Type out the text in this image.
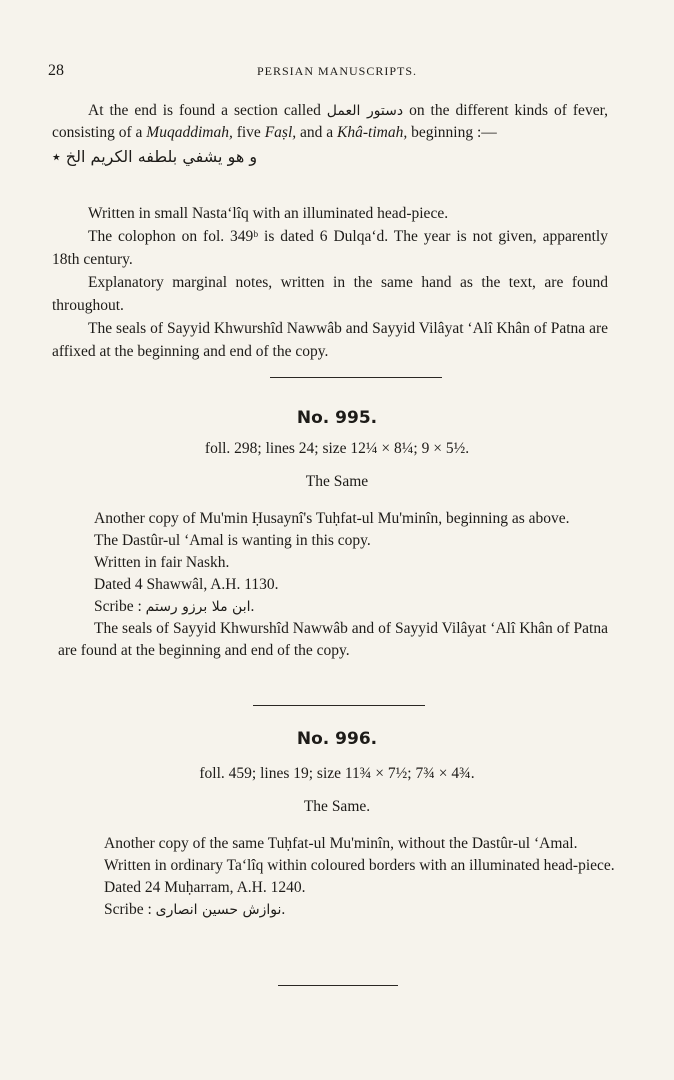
28	PERSIAN MANUSCRIPTS.

At the end is found a section called دستور العمل on the different kinds of fever, consisting of a Muqaddimah, five Faṣl, and a Khâ-timah, beginning :—

و هو يشفي بلطفه الكريم الخ ٭

Written in small Nasta‘lîq with an illuminated head-piece.

The colophon on fol. 349ᵇ is dated 6 Dulqa‘d. The year is not given, apparently 18th century.

Explanatory marginal notes, written in the same hand as the text, are found throughout.

The seals of Sayyid Khwurshîd Nawwâb and Sayyid Vilâyat ‘Alî Khân of Patna are affixed at the beginning and end of the copy.

No. 995.
foll. 298; lines 24; size 12¼ × 8¼; 9 × 5½.
The Same

Another copy of Mu'min Ḥusaynî's Tuḥfat-ul Mu'minîn, beginning as above.

The Dastûr-ul ‘Amal is wanting in this copy.

Written in fair Naskh.

Dated 4 Shawwâl, A.H. 1130.

Scribe : ابن ملا برزو رستم.

The seals of Sayyid Khwurshîd Nawwâb and of Sayyid Vilâyat ‘Alî Khân of Patna are found at the beginning and end of the copy.

No. 996.
foll. 459; lines 19; size 11¾ × 7½; 7¾ × 4¾.
The Same.

Another copy of the same Tuḥfat-ul Mu'minîn, without the Dastûr-ul ‘Amal.

Written in ordinary Ta‘lîq within coloured borders with an illuminated head-piece.

Dated 24 Muḥarram, A.H. 1240.

Scribe : نوازش حسين انصاری.
